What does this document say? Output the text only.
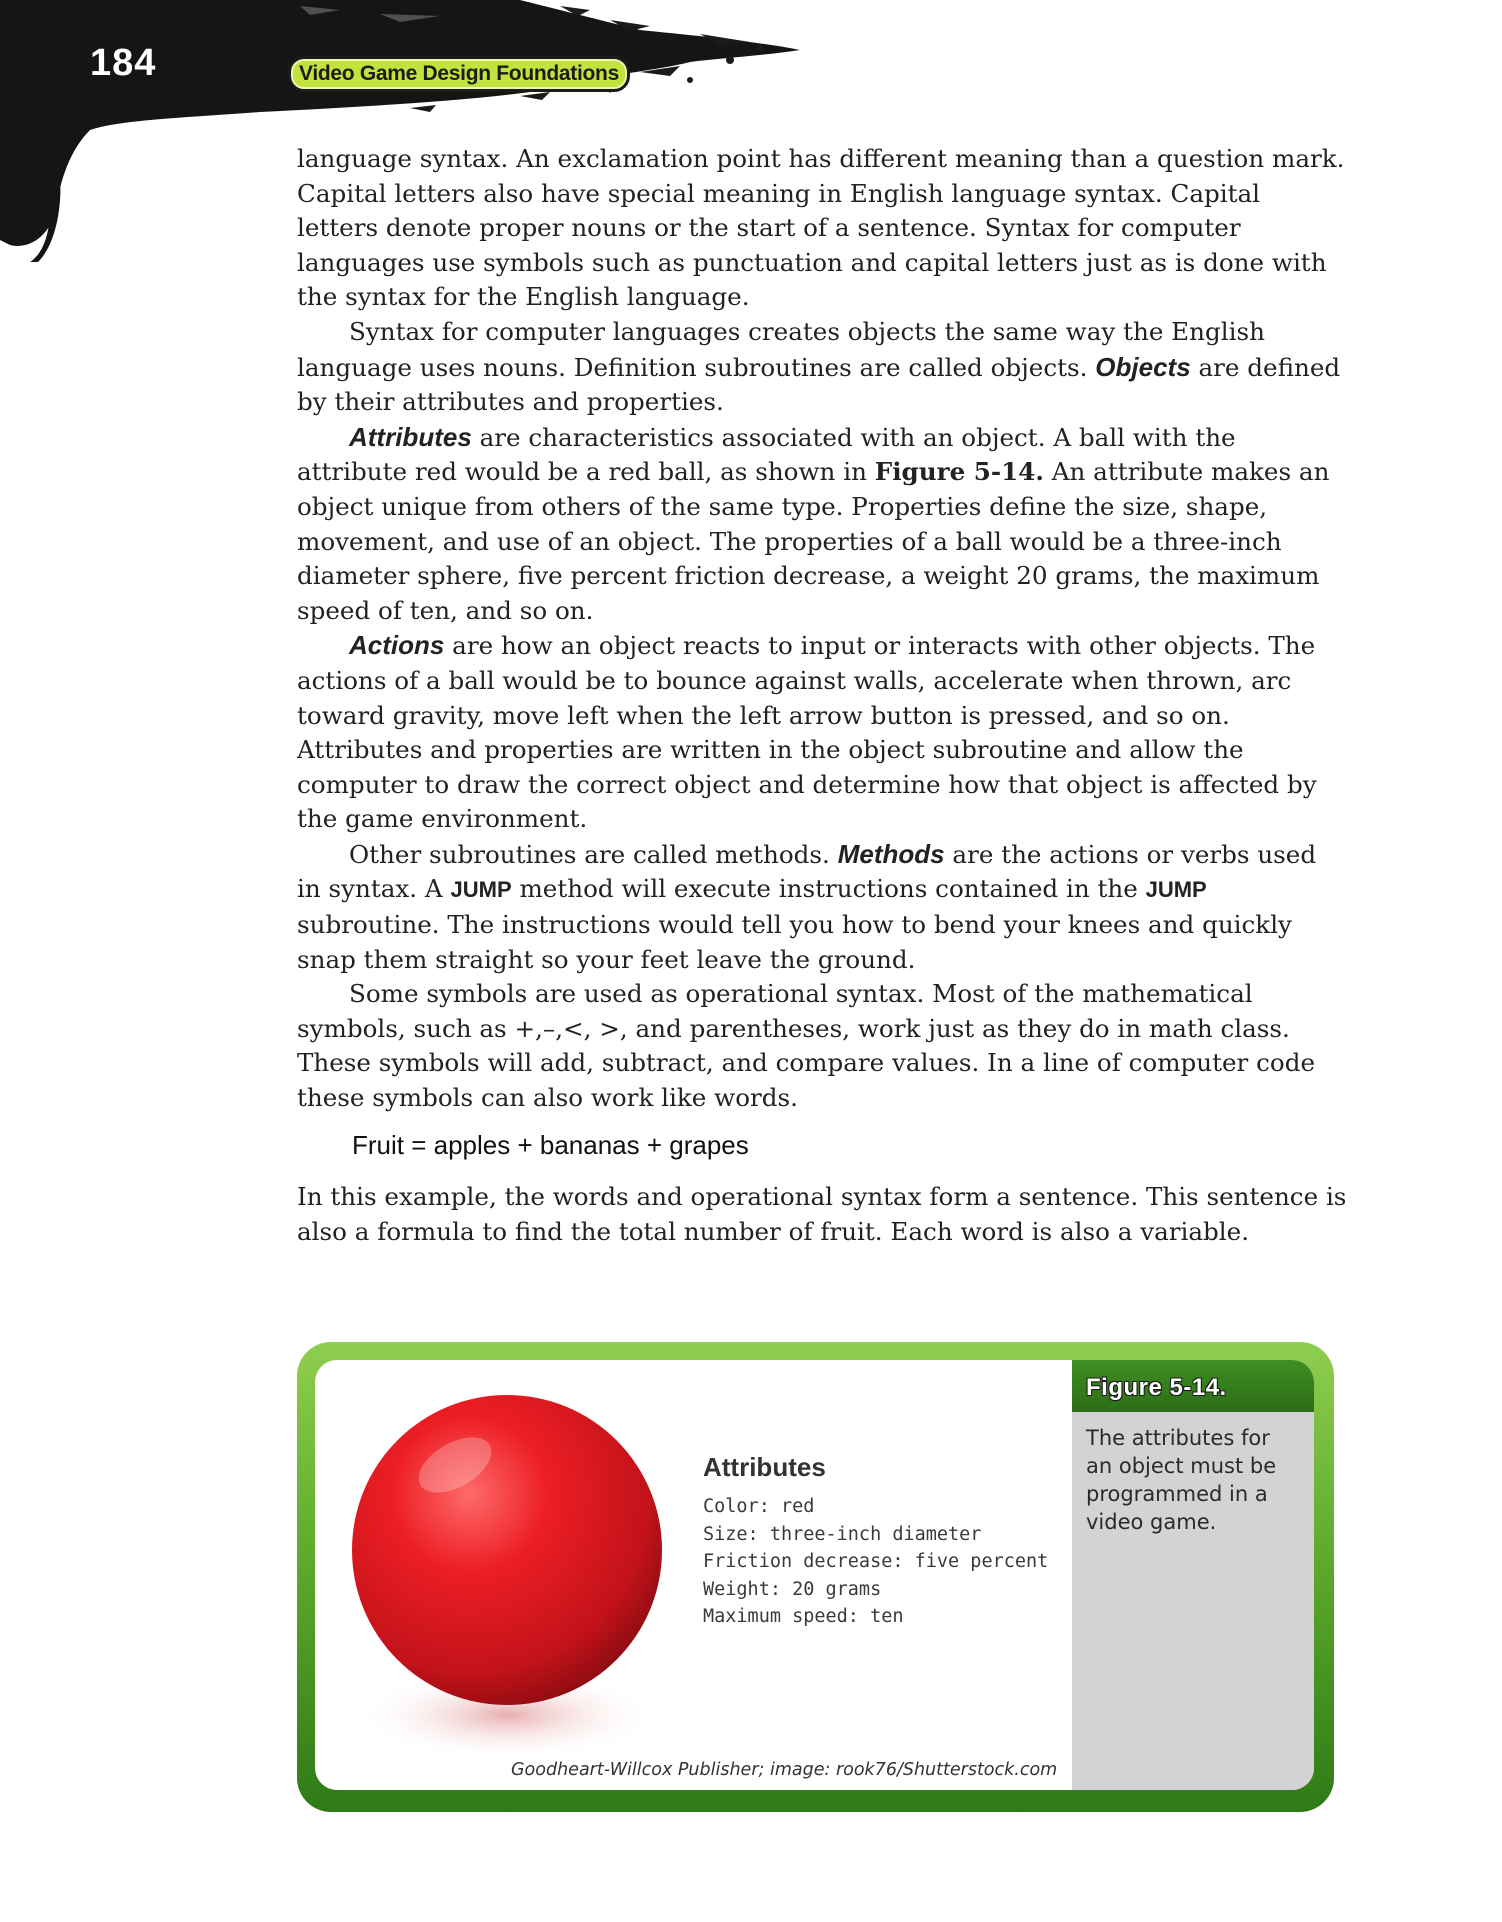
184	Video Game Design Foundations

language syntax. An exclamation point has different meaning than a question mark. Capital letters also have special meaning in English language syntax. Capital letters denote proper nouns or the start of a sentence. Syntax for computer languages use symbols such as punctuation and capital letters just as is done with the syntax for the English language.

Syntax for computer languages creates objects the same way the English language uses nouns. Definition subroutines are called objects. Objects are defined by their attributes and properties.

Attributes are characteristics associated with an object. A ball with the attribute red would be a red ball, as shown in Figure 5-14. An attribute makes an object unique from others of the same type. Properties define the size, shape, movement, and use of an object. The properties of a ball would be a three-inch diameter sphere, five percent friction decrease, a weight 20 grams, the maximum speed of ten, and so on.

Actions are how an object reacts to input or interacts with other objects. The actions of a ball would be to bounce against walls, accelerate when thrown, arc toward gravity, move left when the left arrow button is pressed, and so on. Attributes and properties are written in the object subroutine and allow the computer to draw the correct object and determine how that object is affected by the game environment.

Other subroutines are called methods. Methods are the actions or verbs used in syntax. A JUMP method will execute instructions contained in the JUMP subroutine. The instructions would tell you how to bend your knees and quickly snap them straight so your feet leave the ground.

Some symbols are used as operational syntax. Most of the mathematical symbols, such as +,–,<, >, and parentheses, work just as they do in math class. These symbols will add, subtract, and compare values. In a line of computer code these symbols can also work like words.

Fruit = apples + bananas + grapes

In this example, the words and operational syntax form a sentence. This sentence is also a formula to find the total number of fruit. Each word is also a variable.

Attributes
Color: red
Size: three-inch diameter
Friction decrease: five percent
Weight: 20 grams
Maximum speed: ten
Goodheart-Willcox Publisher; image: rook76/Shutterstock.com
Figure 5-14.
The attributes for an object must be programmed in a video game.
